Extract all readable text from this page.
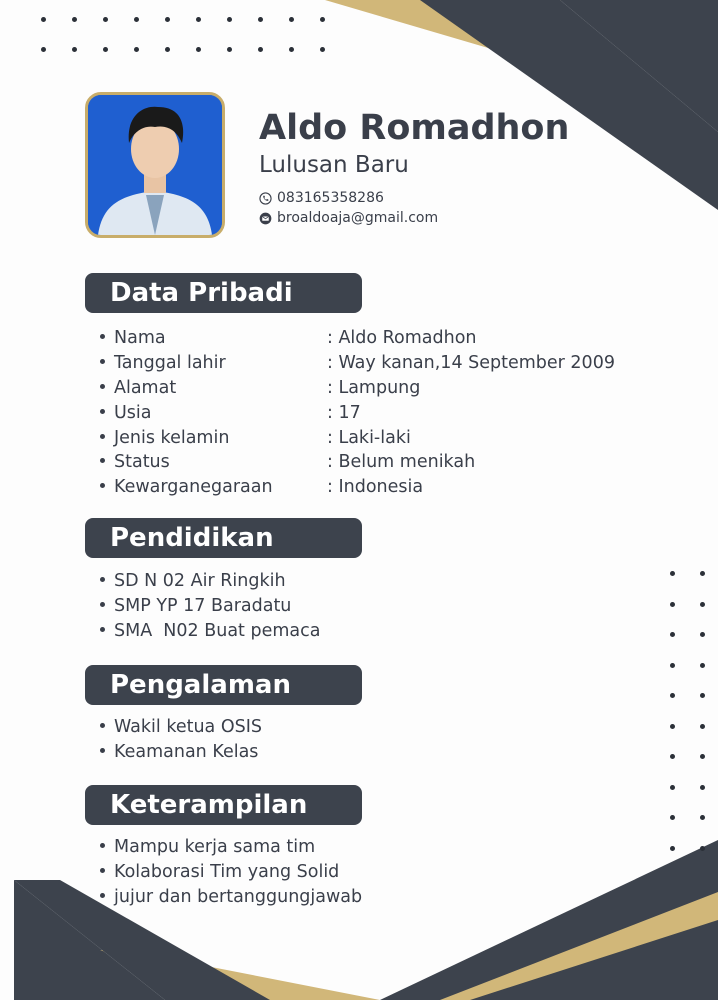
Aldo Romadhon
Lulusan Baru
083165358286
broaldoaja@gmail.com
Data Pribadi
Nama	: Aldo Romadhon
Tanggal lahir	: Way kanan,14 September 2009
Alamat	: Lampung
Usia	: 17
Jenis kelamin	: Laki-laki
Status	: Belum menikah
Kewarganegaraan	: Indonesia
Pendidikan
SD N 02 Air Ringkih
SMP YP 17 Baradatu
SMA  N02 Buat pemaca
Pengalaman
Wakil ketua OSIS
Keamanan Kelas
Keterampilan
Mampu kerja sama tim
Kolaborasi Tim yang Solid
jujur dan bertanggungjawab
